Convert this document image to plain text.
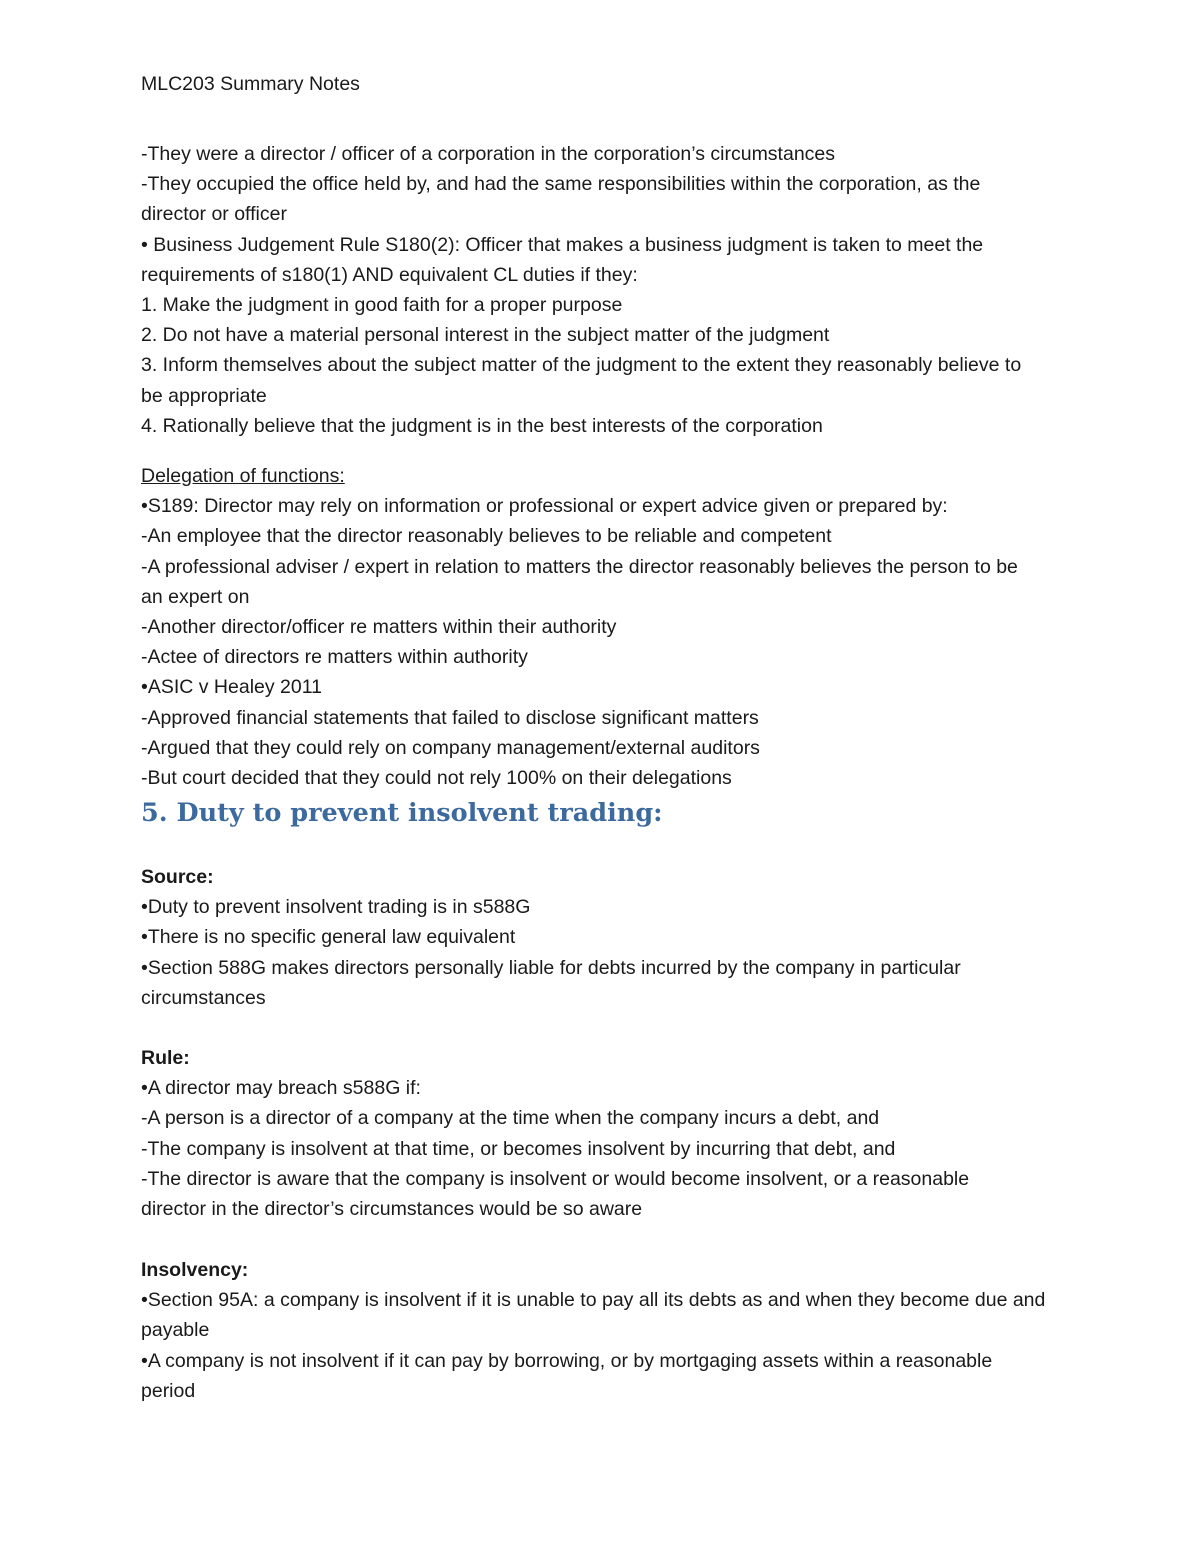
MLC203 Summary Notes
-They were a director / officer of a corporation in the corporation’s circumstances
-They occupied the office held by, and had the same responsibilities within the corporation, as the
director or officer
• Business Judgement Rule S180(2): Officer that makes a business judgment is taken to meet the
requirements of s180(1) AND equivalent CL duties if they:
1. Make the judgment in good faith for a proper purpose
2. Do not have a material personal interest in the subject matter of the judgment
3. Inform themselves about the subject matter of the judgment to the extent they reasonably believe to
be appropriate
4. Rationally believe that the judgment is in the best interests of the corporation
Delegation of functions:
•S189: Director may rely on information or professional or expert advice given or prepared by:
-An employee that the director reasonably believes to be reliable and competent
-A professional adviser / expert in relation to matters the director reasonably believes the person to be
an expert on
-Another director/officer re matters within their authority
-Actee of directors re matters within authority
•ASIC v Healey 2011
-Approved financial statements that failed to disclose significant matters
-Argued that they could rely on company management/external auditors
-But court decided that they could not rely 100% on their delegations
5. Duty to prevent insolvent trading:
Source:
•Duty to prevent insolvent trading is in s588G
•There is no specific general law equivalent
•Section 588G makes directors personally liable for debts incurred by the company in particular
circumstances
Rule:
•A director may breach s588G if:
-A person is a director of a company at the time when the company incurs a debt, and
-The company is insolvent at that time, or becomes insolvent by incurring that debt, and
-The director is aware that the company is insolvent or would become insolvent, or a reasonable
director in the director’s circumstances would be so aware
Insolvency:
•Section 95A: a company is insolvent if it is unable to pay all its debts as and when they become due and
payable
•A company is not insolvent if it can pay by borrowing, or by mortgaging assets within a reasonable
period
